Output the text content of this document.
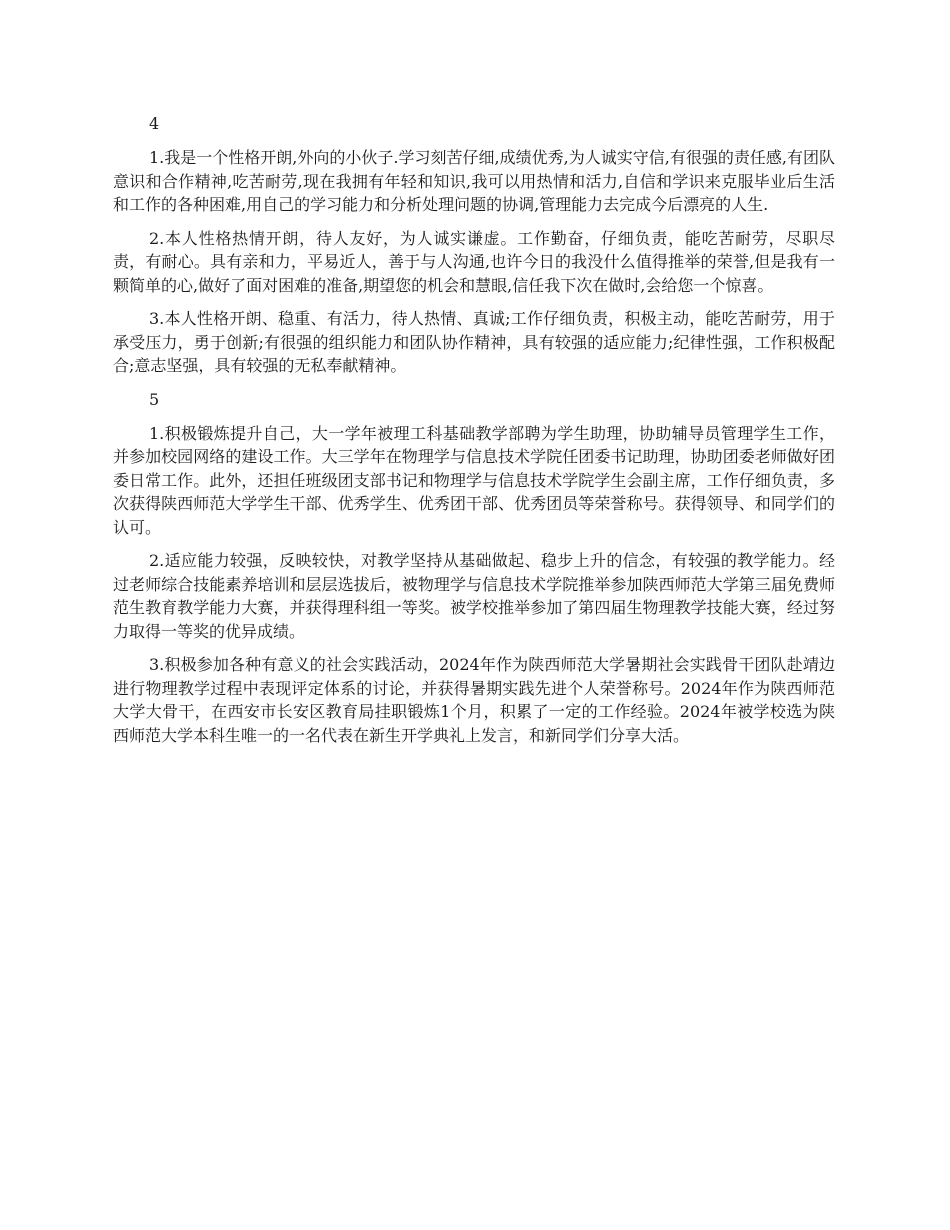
4

1.我是一个性格开朗,外向的小伙子.学习刻苦仔细,成绩优秀,为人诚实守信,有很强的责任感,有团队意识和合作精神,吃苦耐劳,现在我拥有年轻和知识,我可以用热情和活力,自信和学识来克服毕业后生活和工作的各种困难,用自己的学习能力和分析处理问题的协调,管理能力去完成今后漂亮的人生.

2.本人性格热情开朗，待人友好，为人诚实谦虚。工作勤奋，仔细负责，能吃苦耐劳，尽职尽责，有耐心。具有亲和力，平易近人，善于与人沟通,也许今日的我没什么值得推举的荣誉,但是我有一颗简单的心,做好了面对困难的准备,期望您的机会和慧眼,信任我下次在做时,会给您一个惊喜。

3.本人性格开朗、稳重、有活力，待人热情、真诚;工作仔细负责，积极主动，能吃苦耐劳，用于承受压力，勇于创新;有很强的组织能力和团队协作精神，具有较强的适应能力;纪律性强，工作积极配合;意志坚强，具有较强的无私奉献精神。

5

1.积极锻炼提升自己，大一学年被理工科基础教学部聘为学生助理，协助辅导员管理学生工作，并参加校园网络的建设工作。大三学年在物理学与信息技术学院任团委书记助理，协助团委老师做好团委日常工作。此外，还担任班级团支部书记和物理学与信息技术学院学生会副主席，工作仔细负责，多次获得陕西师范大学学生干部、优秀学生、优秀团干部、优秀团员等荣誉称号。获得领导、和同学们的认可。

2.适应能力较强，反映较快，对教学坚持从基础做起、稳步上升的信念，有较强的教学能力。经过老师综合技能素养培训和层层选拔后，被物理学与信息技术学院推举参加陕西师范大学第三届免费师范生教育教学能力大赛，并获得理科组一等奖。被学校推举参加了第四届生物理教学技能大赛，经过努力取得一等奖的优异成绩。

3.积极参加各种有意义的社会实践活动，2024年作为陕西师范大学暑期社会实践骨干团队赴靖边进行物理教学过程中表现评定体系的讨论，并获得暑期实践先进个人荣誉称号。2024年作为陕西师范大学大骨干，在西安市长安区教育局挂职锻炼1个月，积累了一定的工作经验。2024年被学校选为陕西师范大学本科生唯一的一名代表在新生开学典礼上发言，和新同学们分享大活。
